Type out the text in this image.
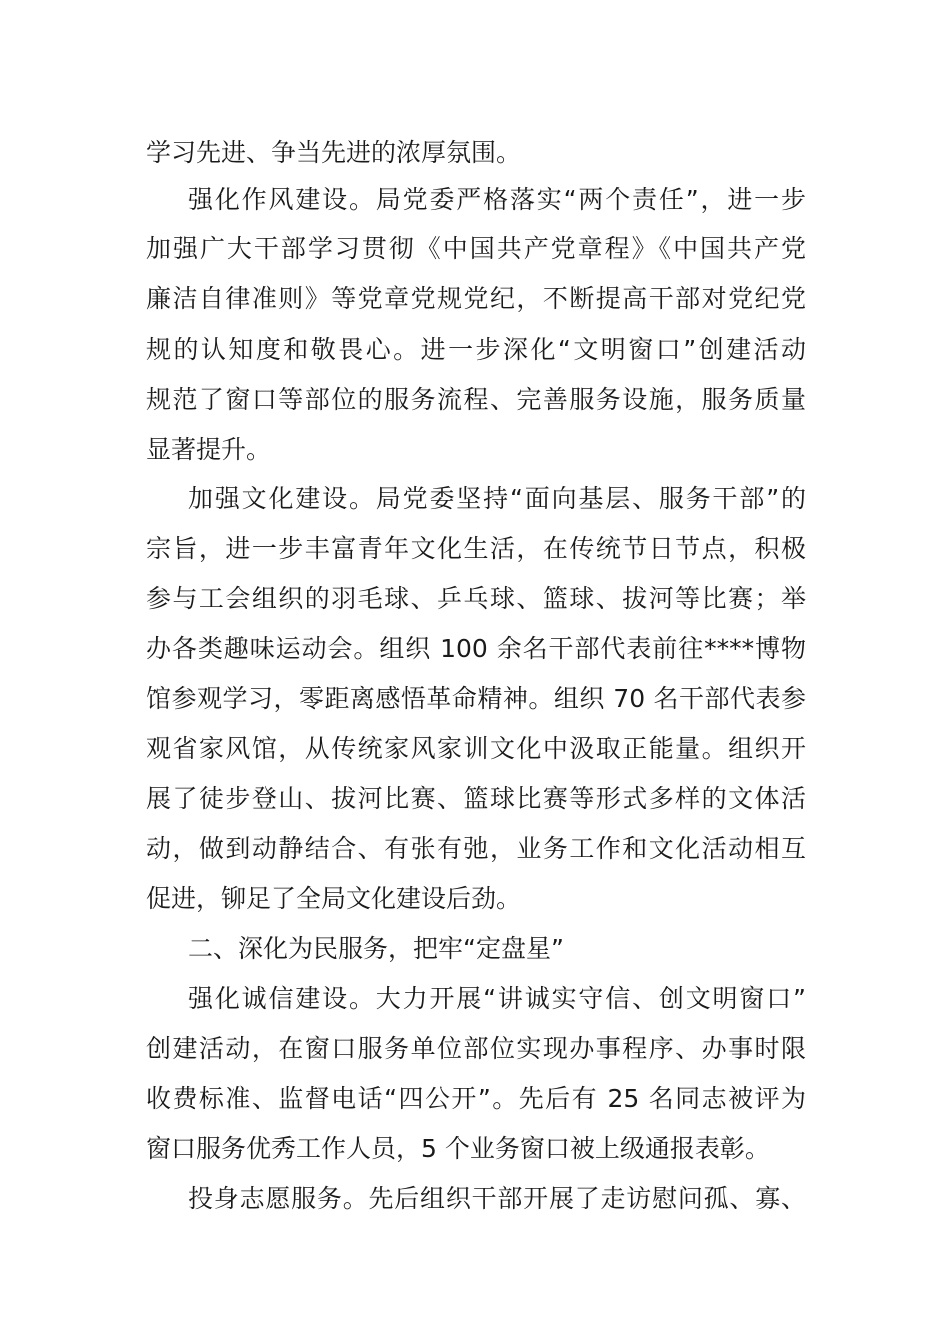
学习先进、争当先进的浓厚氛围。
强化作风建设。局党委严格落实“两个责任”，进一步
加强广大干部学习贯彻《中国共产党章程》《中国共产党
廉洁自律准则》等党章党规党纪，不断提高干部对党纪党
规的认知度和敬畏心。进一步深化“文明窗口”创建活动
规范了窗口等部位的服务流程、完善服务设施，服务质量
显著提升。
加强文化建设。局党委坚持“面向基层、服务干部”的
宗旨，进一步丰富青年文化生活，在传统节日节点，积极
参与工会组织的羽毛球、乒乓球、篮球、拔河等比赛；举
办各类趣味运动会。组织 100 余名干部代表前往****博物
馆参观学习，零距离感悟革命精神。组织 70 名干部代表参
观省家风馆，从传统家风家训文化中汲取正能量。组织开
展了徒步登山、拔河比赛、篮球比赛等形式多样的文体活
动，做到动静结合、有张有弛，业务工作和文化活动相互
促进，铆足了全局文化建设后劲。
二、深化为民服务，把牢“定盘星”
强化诚信建设。大力开展“讲诚实守信、创文明窗口”
创建活动，在窗口服务单位部位实现办事程序、办事时限
收费标准、监督电话“四公开”。先后有 25 名同志被评为
窗口服务优秀工作人员，5 个业务窗口被上级通报表彰。
投身志愿服务。先后组织干部开展了走访慰问孤、寡、
